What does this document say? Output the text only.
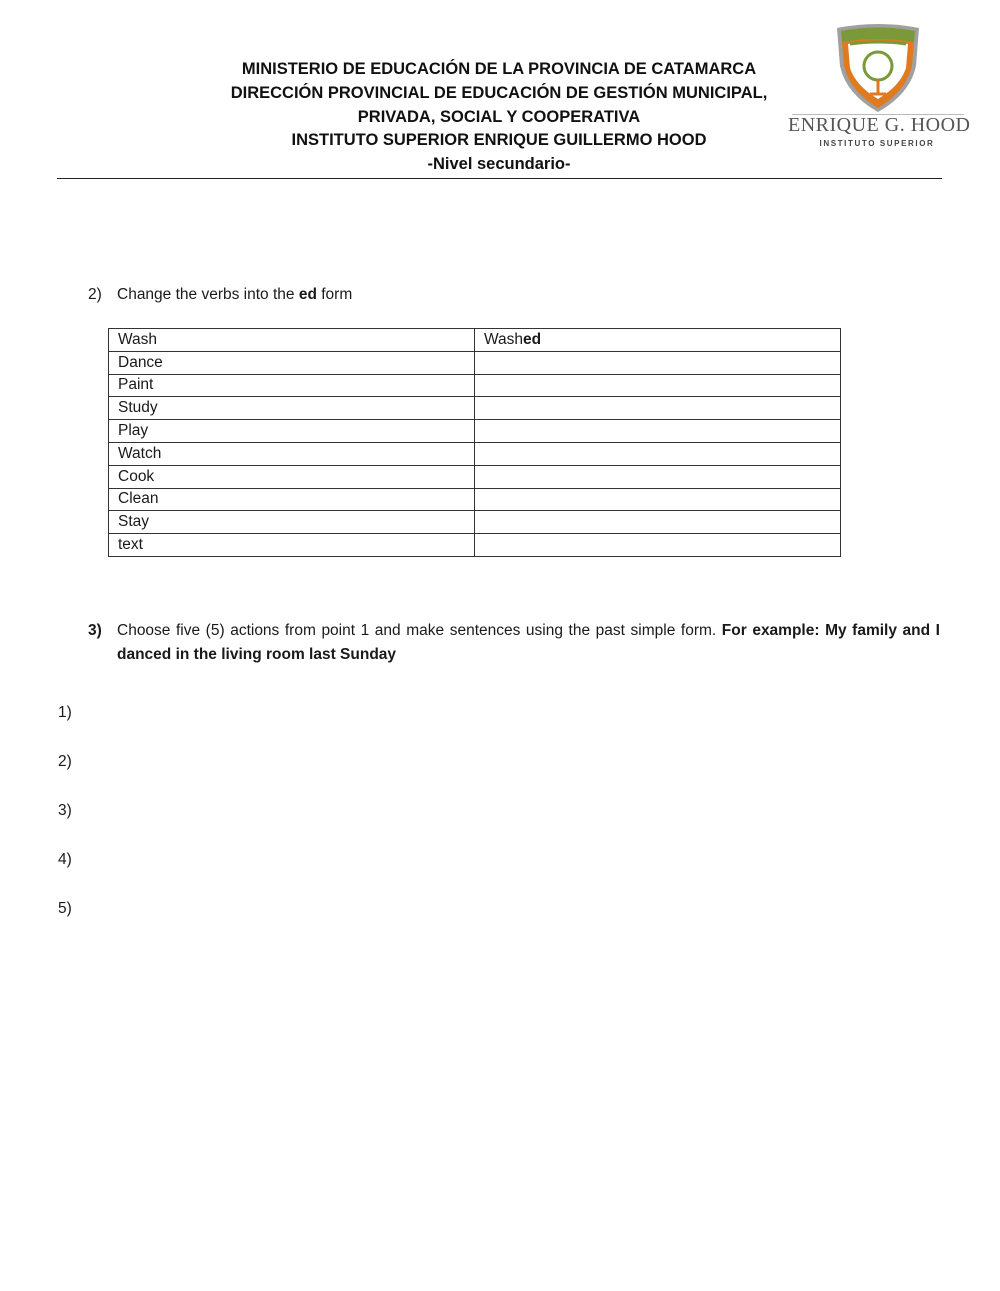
MINISTERIO DE EDUCACIÓN DE LA PROVINCIA DE CATAMARCA
DIRECCIÓN PROVINCIAL DE EDUCACIÓN DE GESTIÓN MUNICIPAL,
PRIVADA, SOCIAL Y COOPERATIVA
INSTITUTO SUPERIOR ENRIQUE GUILLERMO HOOD
-Nivel secundario-
ENRIQUE G. HOOD
INSTITUTO SUPERIOR
2) Change the verbs into the ed form
Wash	Washed
Dance	
Paint	
Study	
Play	
Watch	
Cook	
Clean	
Stay	
text	
3) Choose five (5) actions from point 1 and make sentences using the past simple form. For example: My family and I danced in the living room last Sunday
1)
2)
3)
4)
5)
